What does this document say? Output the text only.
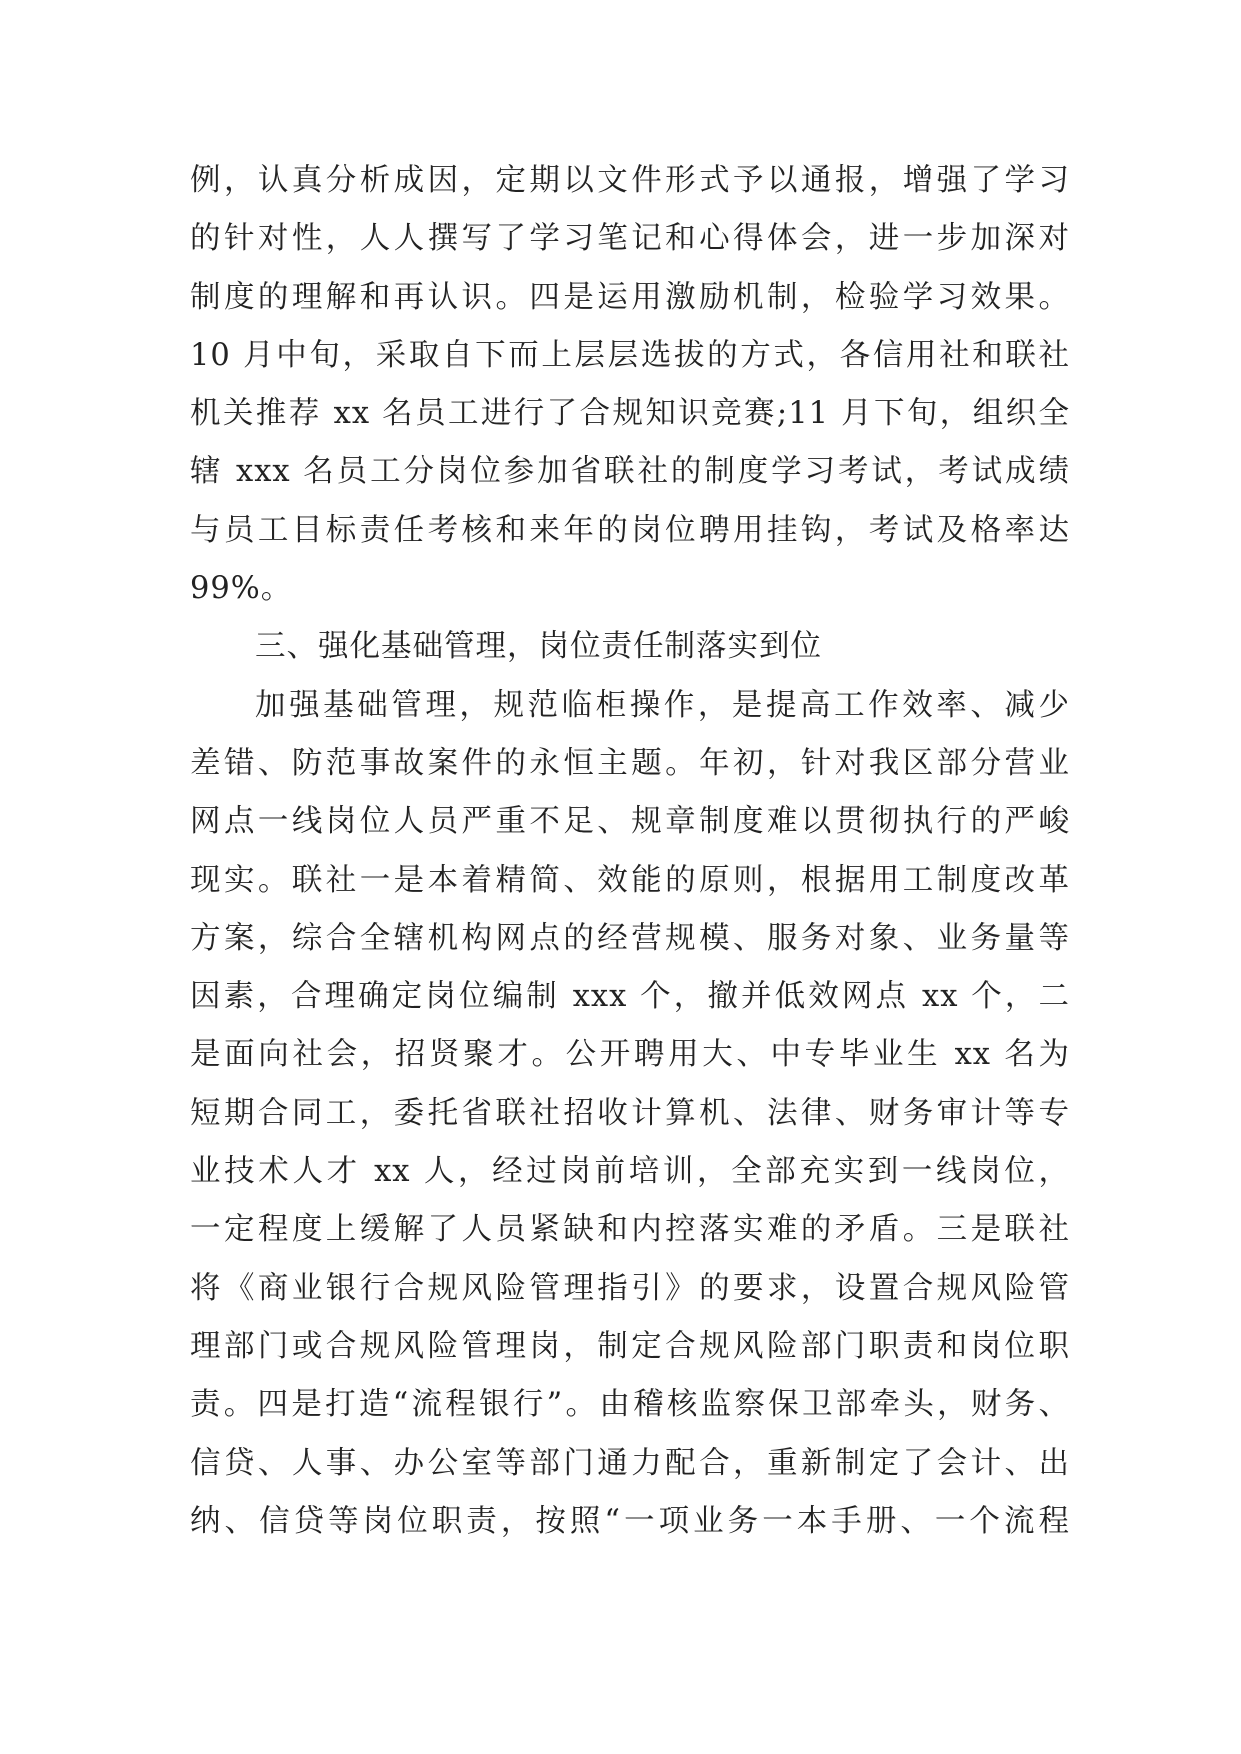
例，认真分析成因，定期以文件形式予以通报，增强了学习
的针对性，人人撰写了学习笔记和心得体会，进一步加深对
制度的理解和再认识。四是运用激励机制，检验学习效果。
10 月中旬，采取自下而上层层选拔的方式，各信用社和联社
机关推荐 xx 名员工进行了合规知识竞赛;11 月下旬，组织全
辖 xxx 名员工分岗位参加省联社的制度学习考试，考试成绩
与员工目标责任考核和来年的岗位聘用挂钩，考试及格率达
99%。
三、强化基础管理，岗位责任制落实到位
加强基础管理，规范临柜操作，是提高工作效率、减少
差错、防范事故案件的永恒主题。年初，针对我区部分营业
网点一线岗位人员严重不足、规章制度难以贯彻执行的严峻
现实。联社一是本着精简、效能的原则，根据用工制度改革
方案，综合全辖机构网点的经营规模、服务对象、业务量等
因素，合理确定岗位编制 xxx 个，撤并低效网点 xx 个，二
是面向社会，招贤聚才。公开聘用大、中专毕业生 xx 名为
短期合同工，委托省联社招收计算机、法律、财务审计等专
业技术人才 xx 人，经过岗前培训，全部充实到一线岗位，
一定程度上缓解了人员紧缺和内控落实难的矛盾。三是联社
将《商业银行合规风险管理指引》的要求，设置合规风险管
理部门或合规风险管理岗，制定合规风险部门职责和岗位职
责。四是打造“流程银行”。由稽核监察保卫部牵头，财务、
信贷、人事、办公室等部门通力配合，重新制定了会计、出
纳、信贷等岗位职责，按照“一项业务一本手册、一个流程
